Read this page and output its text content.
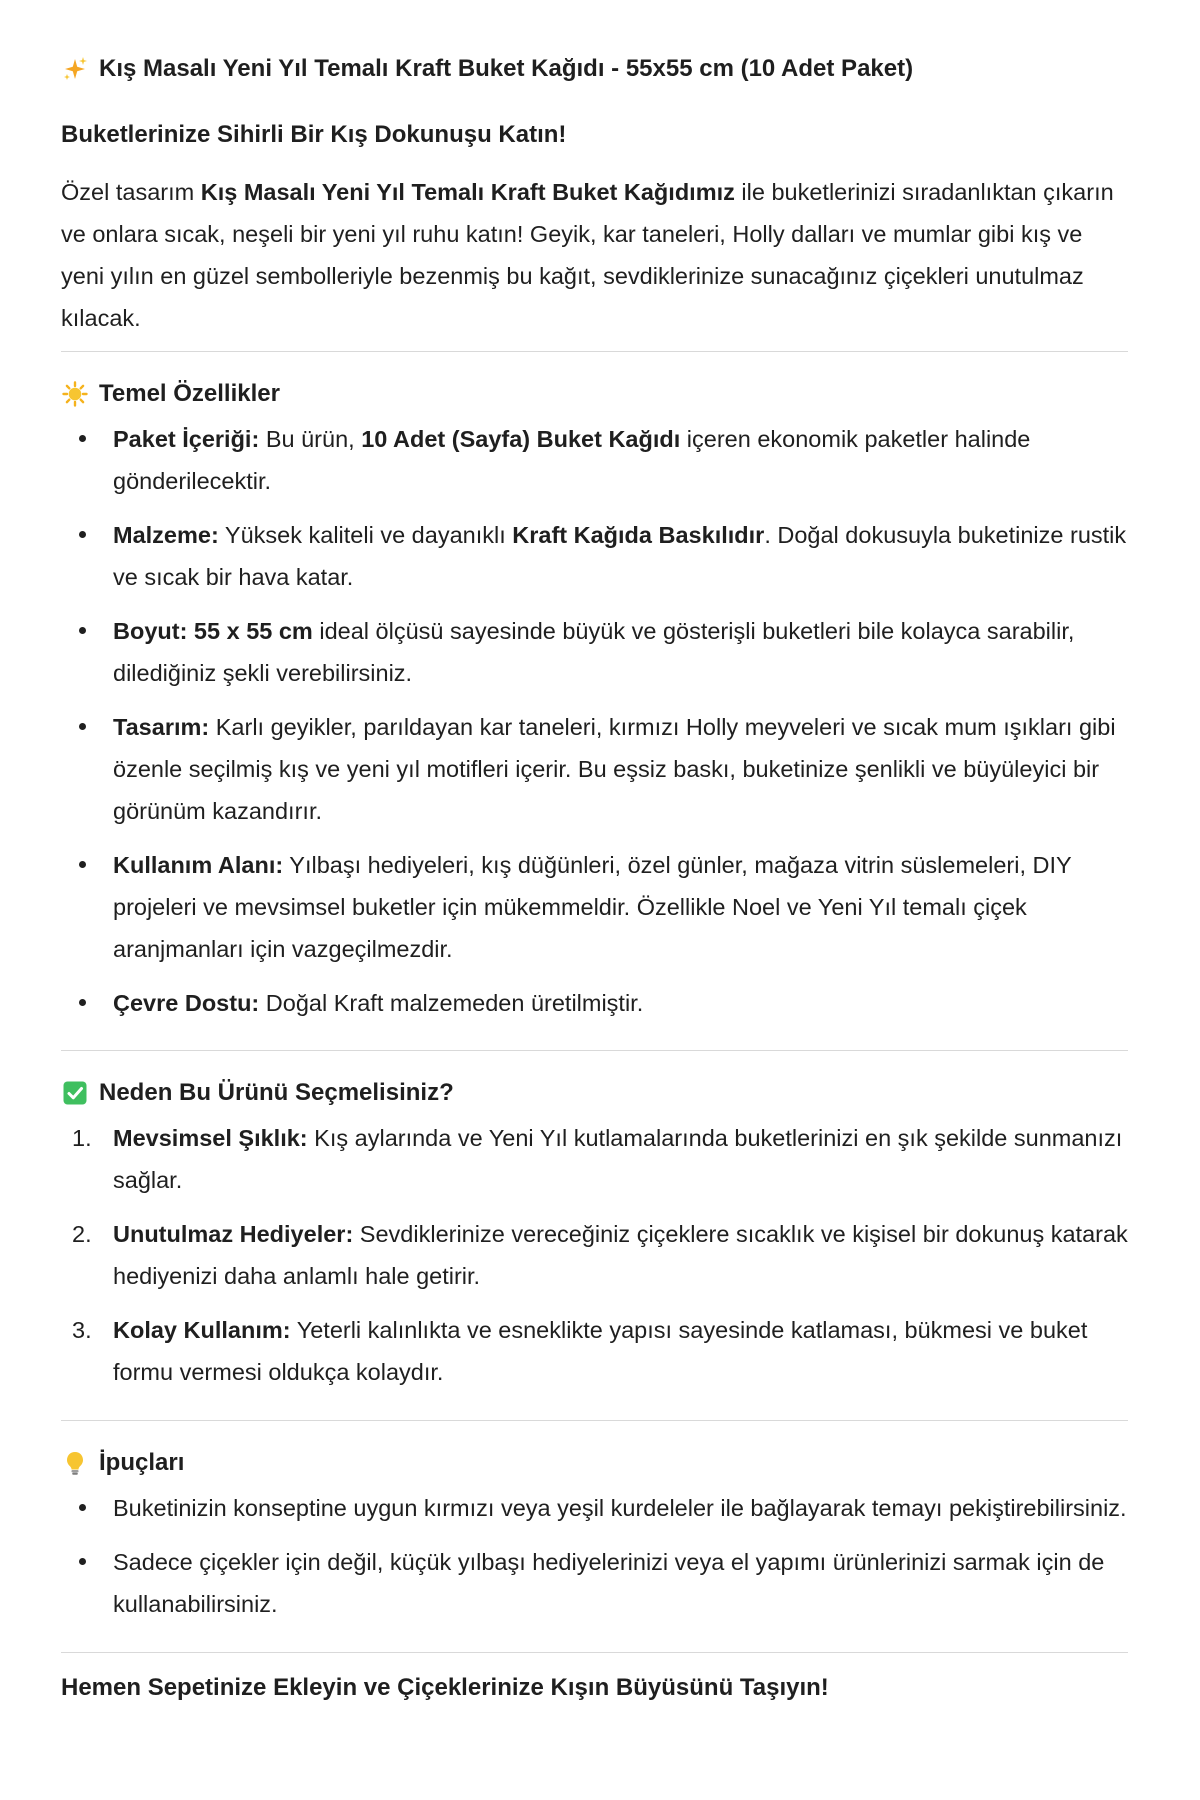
Kış Masalı Yeni Yıl Temalı Kraft Buket Kağıdı - 55x55 cm (10 Adet Paket)
Buketlerinize Sihirli Bir Kış Dokunuşu Katın!

Özel tasarım Kış Masalı Yeni Yıl Temalı Kraft Buket Kağıdımız ile buketlerinizi sıradanlıktan çıkarın ve onlara sıcak, neşeli bir yeni yıl ruhu katın! Geyik, kar taneleri, Holly dalları ve mumlar gibi kış ve yeni yılın en güzel sembolleriyle bezenmiş bu kağıt, sevdiklerinize sunacağınız çiçekleri unutulmaz kılacak.

Temel Özellikler
Paket İçeriği: Bu ürün, 10 Adet (Sayfa) Buket Kağıdı içeren ekonomik paketler halinde gönderilecektir.
Malzeme: Yüksek kaliteli ve dayanıklı Kraft Kağıda Baskılıdır. Doğal dokusuyla buketinize rustik ve sıcak bir hava katar.
Boyut: 55 x 55 cm ideal ölçüsü sayesinde büyük ve gösterişli buketleri bile kolayca sarabilir, dilediğiniz şekli verebilirsiniz.
Tasarım: Karlı geyikler, parıldayan kar taneleri, kırmızı Holly meyveleri ve sıcak mum ışıkları gibi özenle seçilmiş kış ve yeni yıl motifleri içerir. Bu eşsiz baskı, buketinize şenlikli ve büyüleyici bir görünüm kazandırır.
Kullanım Alanı: Yılbaşı hediyeleri, kış düğünleri, özel günler, mağaza vitrin süslemeleri, DIY projeleri ve mevsimsel buketler için mükemmeldir. Özellikle Noel ve Yeni Yıl temalı çiçek aranjmanları için vazgeçilmezdir.
Çevre Dostu: Doğal Kraft malzemeden üretilmiştir.
Neden Bu Ürünü Seçmelisiniz?
1. Mevsimsel Şıklık: Kış aylarında ve Yeni Yıl kutlamalarında buketlerinizi en şık şekilde sunmanızı sağlar.
2. Unutulmaz Hediyeler: Sevdiklerinize vereceğiniz çiçeklere sıcaklık ve kişisel bir dokunuş katarak hediyenizi daha anlamlı hale getirir.
3. Kolay Kullanım: Yeterli kalınlıkta ve esneklikte yapısı sayesinde katlaması, bükmesi ve buket formu vermesi oldukça kolaydır.
İpuçları
Buketinizin konseptine uygun kırmızı veya yeşil kurdeleler ile bağlayarak temayı pekiştirebilirsiniz.
Sadece çiçekler için değil, küçük yılbaşı hediyelerinizi veya el yapımı ürünlerinizi sarmak için de kullanabilirsiniz.

Hemen Sepetinize Ekleyin ve Çiçeklerinize Kışın Büyüsünü Taşıyın!
